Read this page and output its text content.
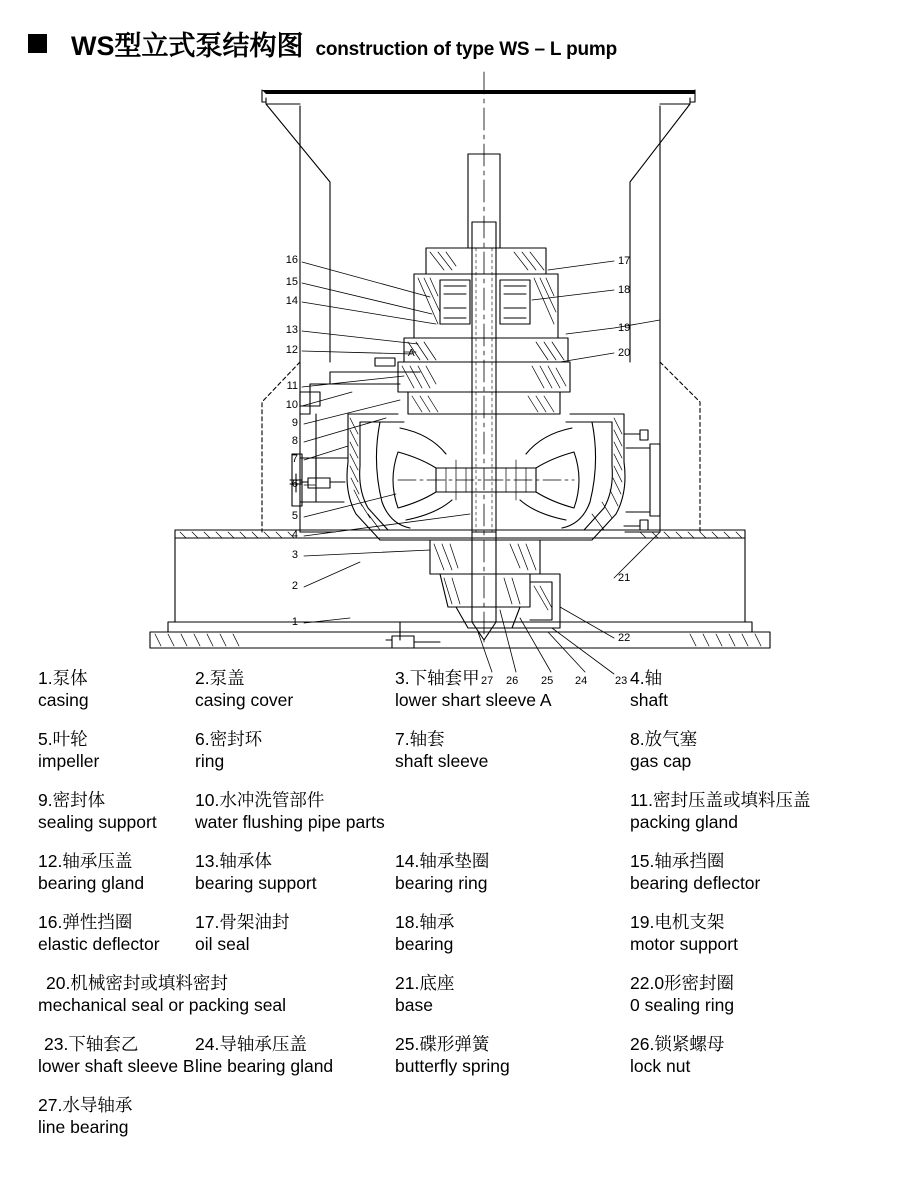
WS型立式泵结构图 construction of type WS – L pump
16
15
14
13
12
11
10
9
8
7
6
5
4
3
2
1
17
18
19
20
21
22
23
24
25
26
27
A
1.泵体
casing
2.泵盖
casing cover
3.下轴套甲
lower shart sleeve A
4.轴
shaft
5.叶轮
impeller
6.密封环
ring
7.轴套
shaft sleeve
8.放气塞
gas cap
9.密封体
sealing support
10.水冲洗管部件
water flushing pipe parts
11.密封压盖或填料压盖
packing gland
12.轴承压盖
bearing gland
13.轴承体
bearing support
14.轴承垫圈
bearing ring
15.轴承挡圈
bearing deflector
16.弹性挡圈
elastic deflector
17.骨架油封
oil seal
18.轴承
bearing
19.电机支架
motor support
20.机械密封或填料密封
mechanical seal or packing seal
21.底座
base
22.0形密封圈
0 sealing ring
23.下轴套乙
lower shaft sleeve B
24.导轴承压盖
line bearing gland
25.碟形弹簧
butterfly spring
26.锁紧螺母
lock nut
27.水导轴承
line bearing
